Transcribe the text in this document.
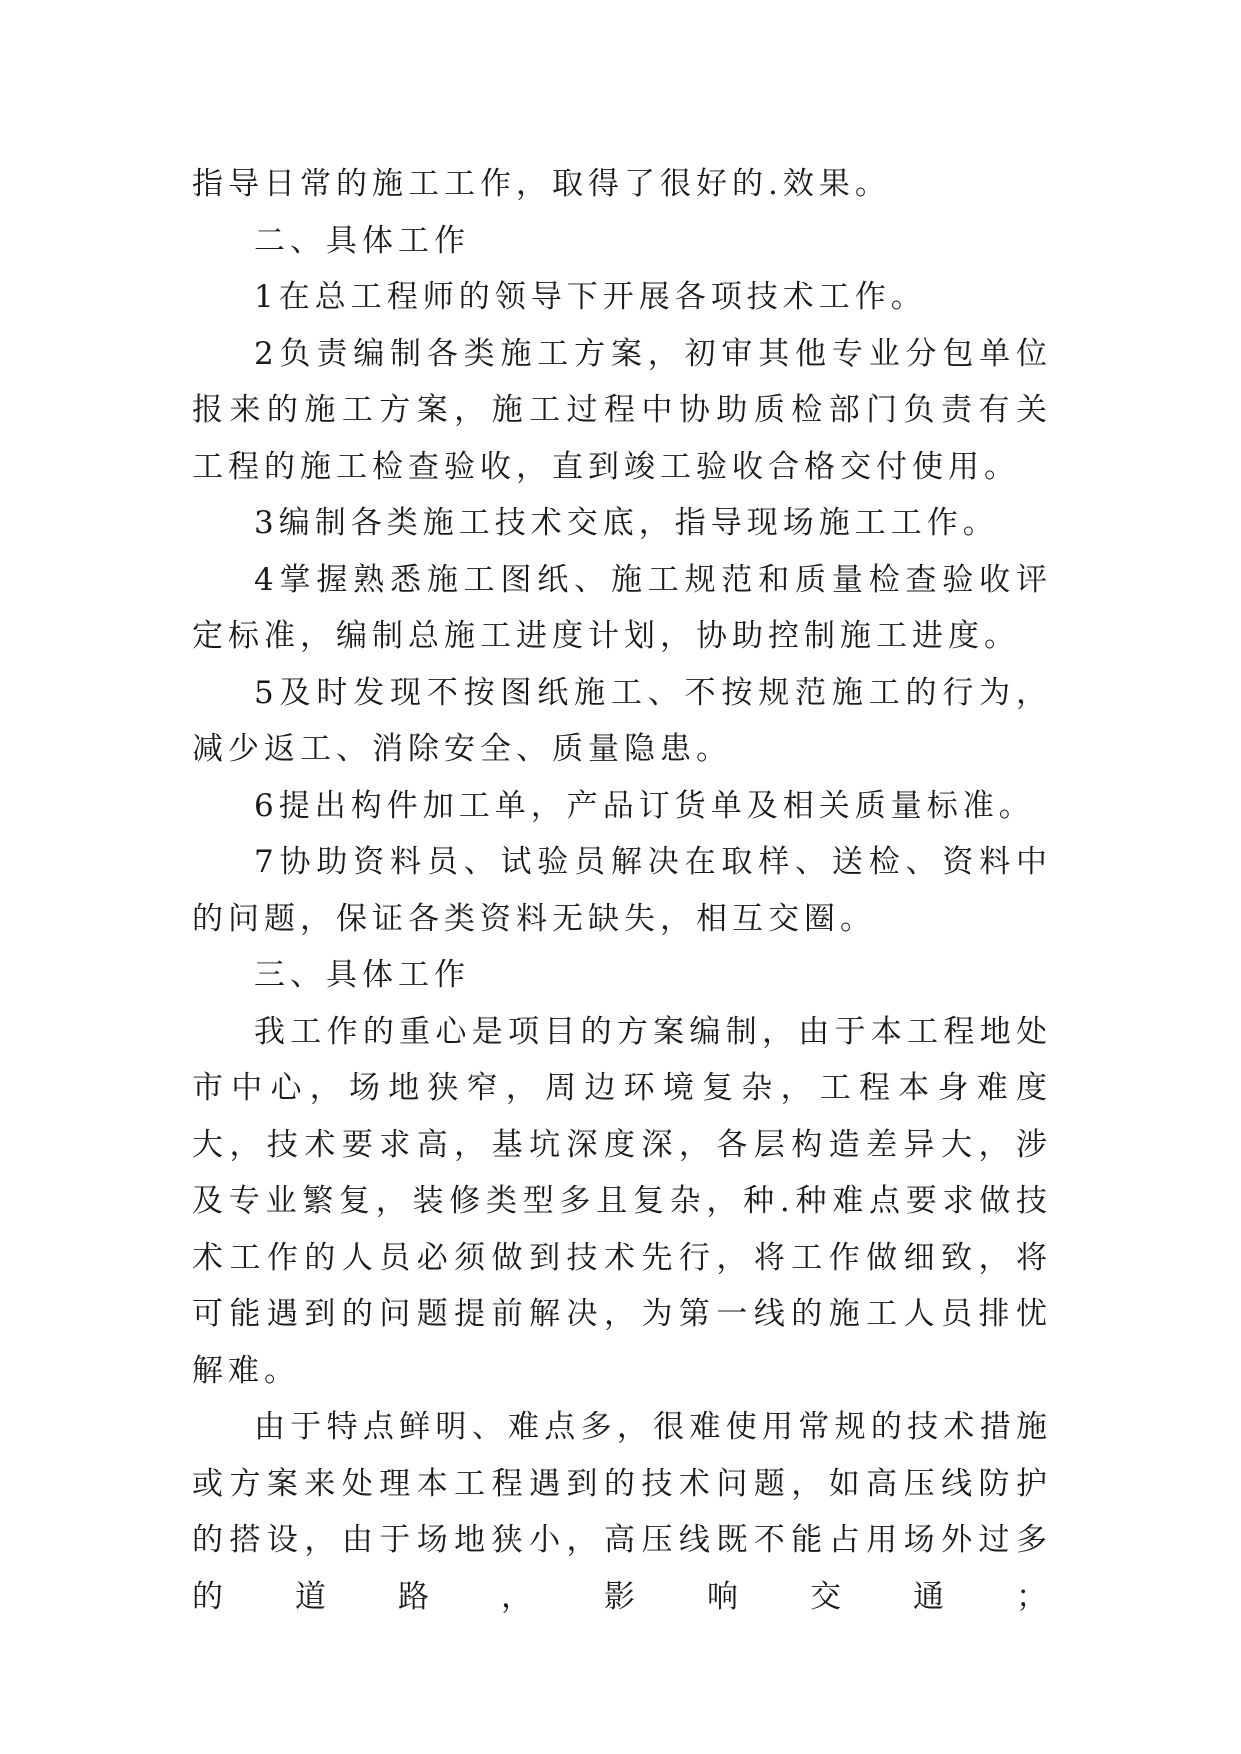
指导日常的施工工作，取得了很好的.效果。

二、具体工作

1在总工程师的领导下开展各项技术工作。

2负责编制各类施工方案，初审其他专业分包单位报来的施工方案，施工过程中协助质检部门负责有关工程的施工检查验收，直到竣工验收合格交付使用。

3编制各类施工技术交底，指导现场施工工作。

4掌握熟悉施工图纸、施工规范和质量检查验收评定标准，编制总施工进度计划，协助控制施工进度。

5及时发现不按图纸施工、不按规范施工的行为，减少返工、消除安全、质量隐患。

6提出构件加工单，产品订货单及相关质量标准。

7协助资料员、试验员解决在取样、送检、资料中的问题，保证各类资料无缺失，相互交圈。

三、具体工作

我工作的重心是项目的方案编制，由于本工程地处市中心，场地狭窄，周边环境复杂，工程本身难度大，技术要求高，基坑深度深，各层构造差异大，涉及专业繁复，装修类型多且复杂，种.种难点要求做技术工作的人员必须做到技术先行，将工作做细致，将可能遇到的问题提前解决，为第一线的施工人员排忧解难。

由于特点鲜明、难点多，很难使用常规的技术措施或方案来处理本工程遇到的技术问题，如高压线防护的搭设，由于场地狭小，高压线既不能占用场外过多的道路，影响交通；
